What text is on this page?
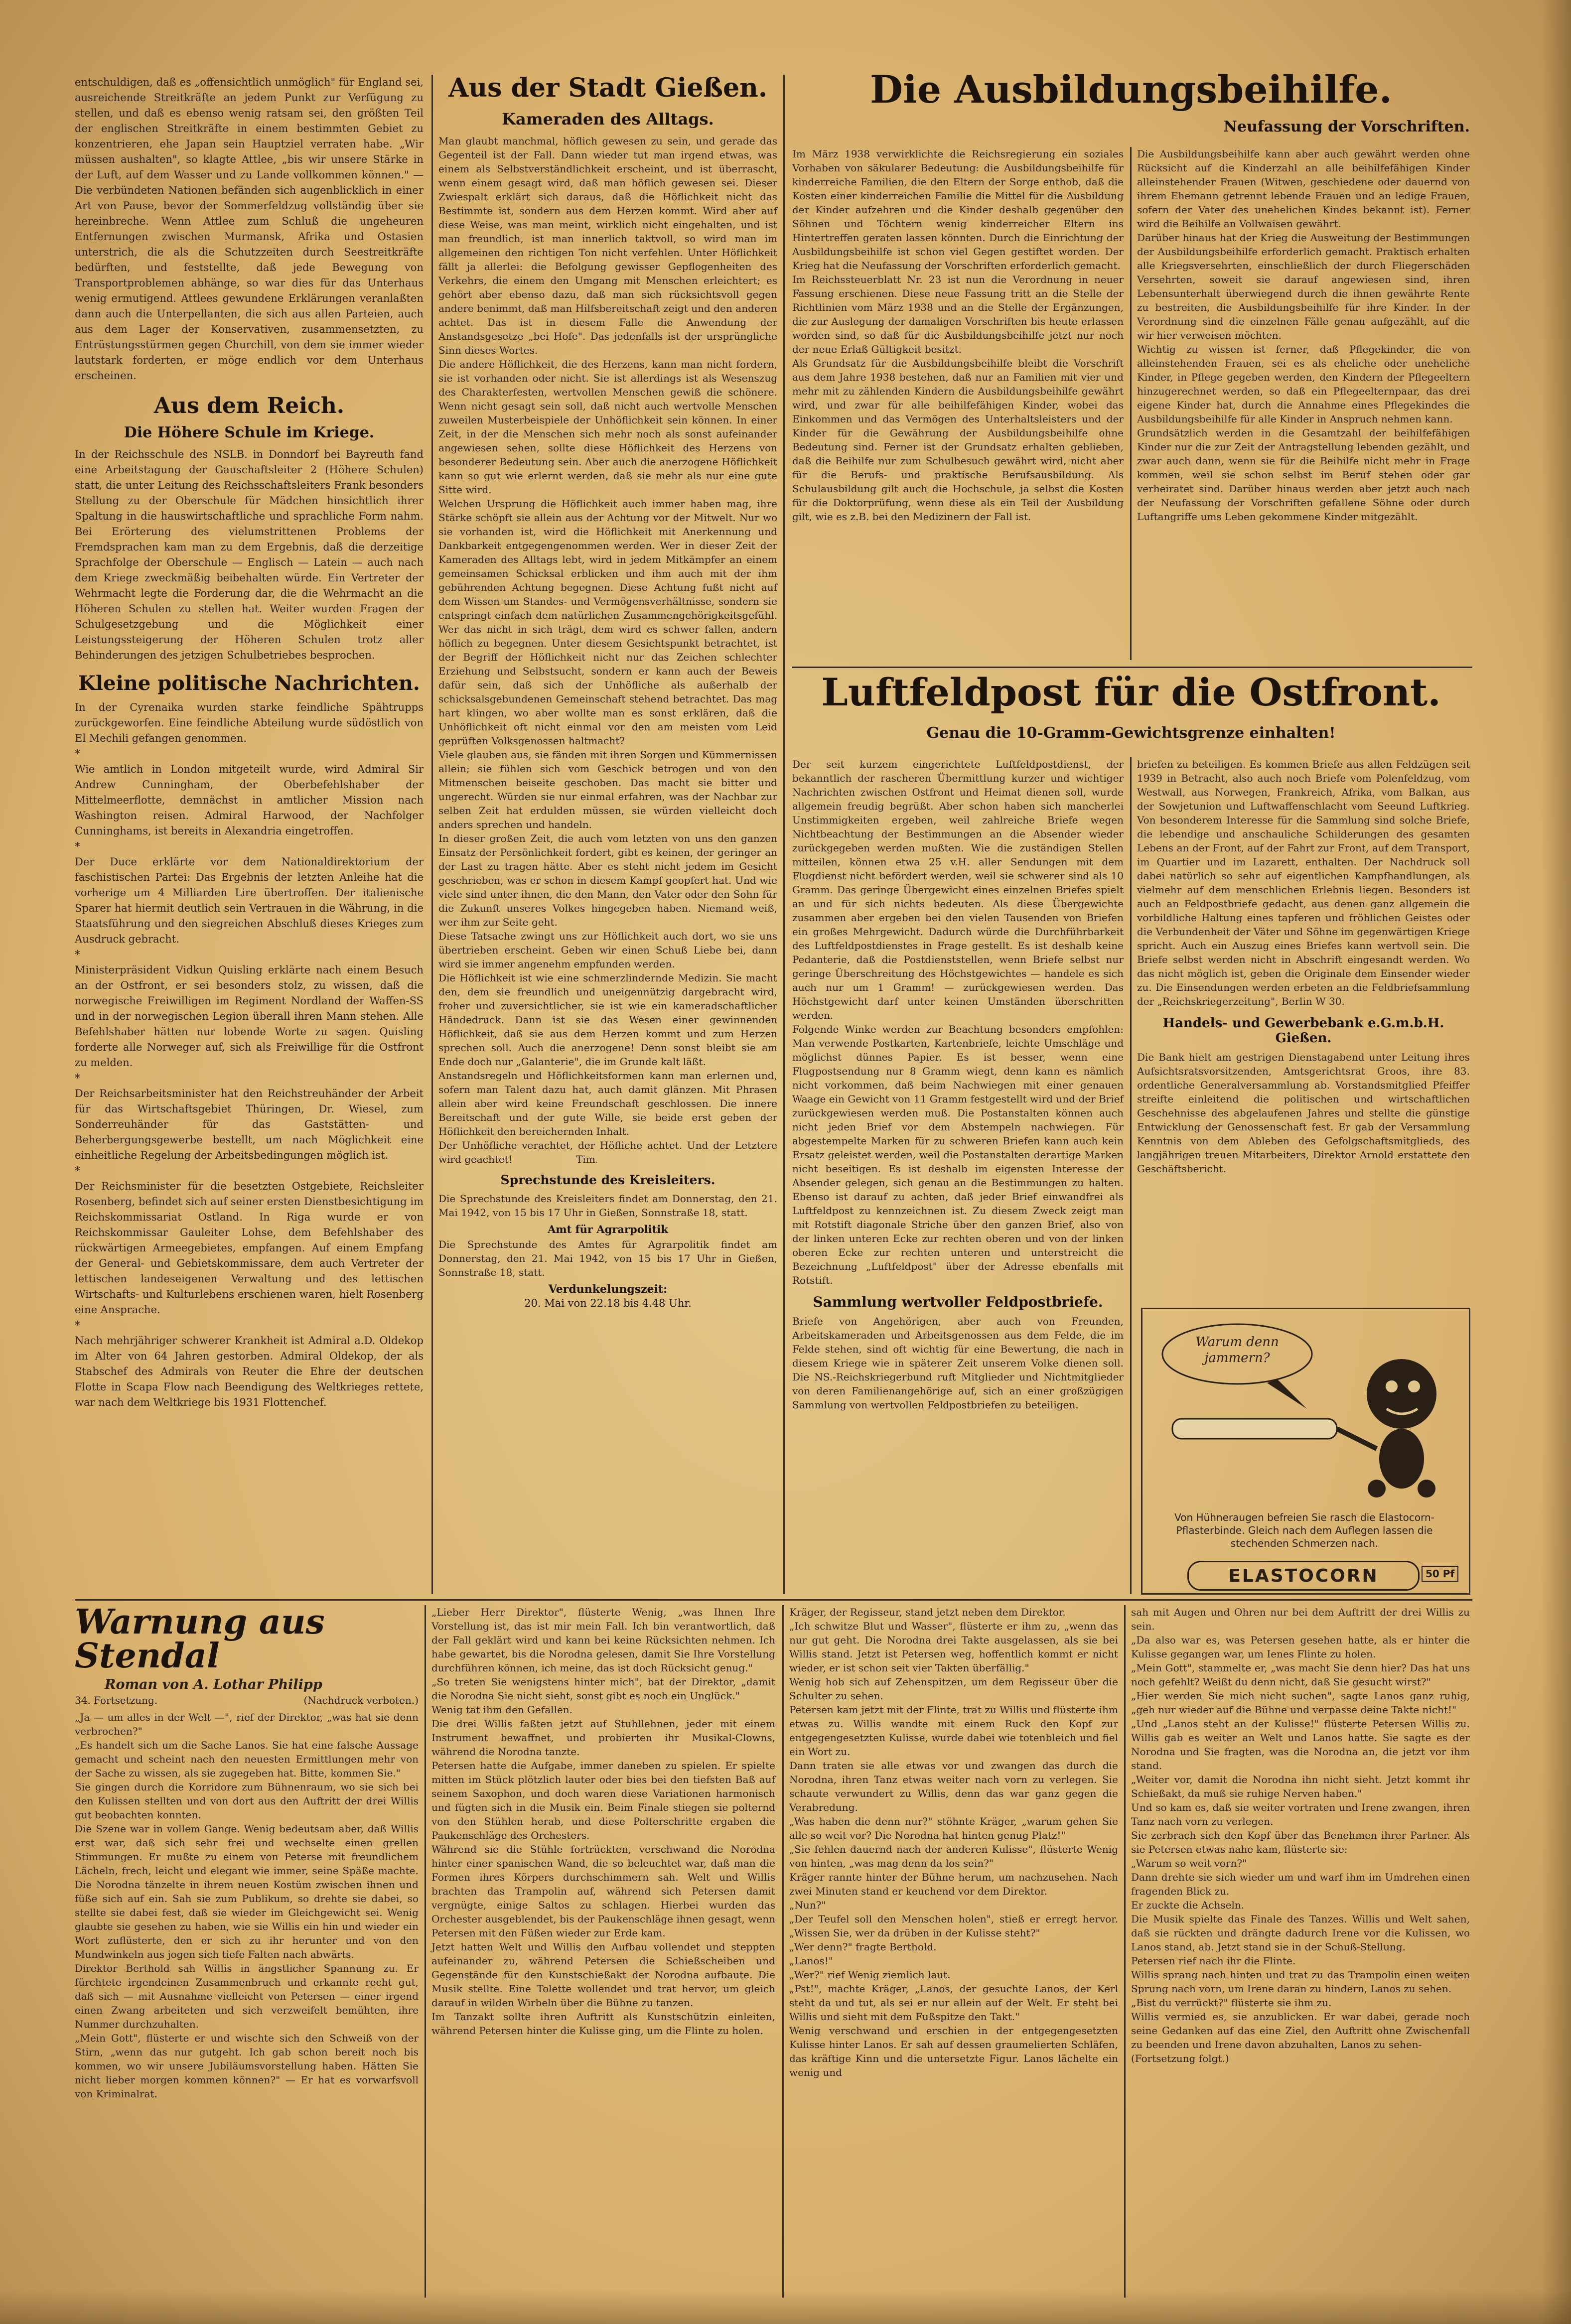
entschuldigen, daß es „offensichtlich unmöglich" für England sei, ausreichende Streitkräfte an jedem Punkt zur Verfügung zu stellen, und daß es ebenso wenig ratsam sei, den größten Teil der englischen Streitkräfte in einem bestimmten Gebiet zu konzentrieren, ehe Japan sein Hauptziel verraten habe. „Wir müssen aushalten", so klagte Attlee, „bis wir unsere Stärke in der Luft, auf dem Wasser und zu Lande vollkommen können." — Die verbündeten Nationen befänden sich augenblicklich in einer Art von Pause, bevor der Sommerfeldzug vollständig über sie hereinbreche. Wenn Attlee zum Schluß die ungeheuren Entfernungen zwischen Murmansk, Afrika und Ostasien unterstrich, die als die Schutzzeiten durch Seestreitkräfte bedürften, und feststellte, daß jede Bewegung von Transportproblemen abhänge, so war dies für das Unterhaus wenig ermutigend. Attlees gewundene Erklärungen veranlaßten dann auch die Unterpellanten, die sich aus allen Parteien, auch aus dem Lager der Konservativen, zusammensetzten, zu Entrüstungsstürmen gegen Churchill, von dem sie immer wieder lautstark forderten, er möge endlich vor dem Unterhaus erscheinen.

Aus dem Reich.

Die Höhere Schule im Kriege.

In der Reichsschule des NSLB. in Donndorf bei Bayreuth fand eine Arbeitstagung der Gauschaftsleiter 2 (Höhere Schulen) statt, die unter Leitung des Reichsschaftsleiters Frank besonders Stellung zu der Oberschule für Mädchen hinsichtlich ihrer Spaltung in die hauswirtschaftliche und sprachliche Form nahm. Bei Erörterung des vielumstrittenen Problems der Fremdsprachen kam man zu dem Ergebnis, daß die derzeitige Sprachfolge der Oberschule — Englisch — Latein — auch nach dem Kriege zweckmäßig beibehalten würde. Ein Vertreter der Wehrmacht legte die Forderung dar, die die Wehrmacht an die Höheren Schulen zu stellen hat. Weiter wurden Fragen der Schulgesetzgebung und die Möglichkeit einer Leistungssteigerung der Höheren Schulen trotz aller Behinderungen des jetzigen Schulbetriebes besprochen.

Kleine politische Nachrichten.

In der Cyrenaika wurden starke feindliche Spähtrupps zurückgeworfen. Eine feindliche Abteilung wurde südöstlich von El Mechili gefangen genommen.
*
Wie amtlich in London mitgeteilt wurde, wird Admiral Sir Andrew Cunningham, der Oberbefehlshaber der Mittelmeerflotte, demnächst in amtlicher Mission nach Washington reisen. Admiral Harwood, der Nachfolger Cunninghams, ist bereits in Alexandria eingetroffen.
*
Der Duce erklärte vor dem Nationaldirektorium der faschistischen Partei: Das Ergebnis der letzten Anleihe hat die vorherige um 4 Milliarden Lire übertroffen. Der italienische Sparer hat hiermit deutlich sein Vertrauen in die Währung, in die Staatsführung und den siegreichen Abschluß dieses Krieges zum Ausdruck gebracht.
*
Ministerpräsident Vidkun Quisling erklärte nach einem Besuch an der Ostfront, er sei besonders stolz, zu wissen, daß die norwegische Freiwilligen im Regiment Nordland der Waffen-SS und in der norwegischen Legion überall ihren Mann stehen. Alle Befehlshaber hätten nur lobende Worte zu sagen. Quisling forderte alle Norweger auf, sich als Freiwillige für die Ostfront zu melden.
*
Der Reichsarbeitsminister hat den Reichstreuhänder der Arbeit für das Wirtschaftsgebiet Thüringen, Dr. Wiesel, zum Sonderreuhänder für das Gaststätten- und Beherbergungsgewerbe bestellt, um nach Möglichkeit eine einheitliche Regelung der Arbeitsbedingungen möglich ist.
*
Der Reichsminister für die besetzten Ostgebiete, Reichsleiter Rosenberg, befindet sich auf seiner ersten Dienstbesichtigung im Reichskommissariat Ostland. In Riga wurde er von Reichskommissar Gauleiter Lohse, dem Befehlshaber des rückwärtigen Armeegebietes, empfangen. Auf einem Empfang der General- und Gebietskommissare, dem auch Vertreter der lettischen landeseigenen Verwaltung und des lettischen Wirtschafts- und Kulturlebens erschienen waren, hielt Rosenberg eine Ansprache.
*
Nach mehrjähriger schwerer Krankheit ist Admiral a.D. Oldekop im Alter von 64 Jahren gestorben. Admiral Oldekop, der als Stabschef des Admirals von Reuter die Ehre der deutschen Flotte in Scapa Flow nach Beendigung des Weltkrieges rettete, war nach dem Weltkriege bis 1931 Flottenchef.

Aus der Stadt Gießen.

Kameraden des Alltags.

Man glaubt manchmal, höflich gewesen zu sein, und gerade das Gegenteil ist der Fall. Dann wieder tut man irgend etwas, was einem als Selbstverständlichkeit erscheint, und ist überrascht, wenn einem gesagt wird, daß man höflich gewesen sei. Dieser Zwiespalt erklärt sich daraus, daß die Höflichkeit nicht das Bestimmte ist, sondern aus dem Herzen kommt. Wird aber auf diese Weise, was man meint, wirklich nicht eingehalten, und ist man freundlich, ist man innerlich taktvoll, so wird man im allgemeinen den richtigen Ton nicht verfehlen. Unter Höflichkeit fällt ja allerlei: die Befolgung gewisser Gepflogenheiten des Verkehrs, die einem den Umgang mit Menschen erleichtert; es gehört aber ebenso dazu, daß man sich rücksichtsvoll gegen andere benimmt, daß man Hilfsbereitschaft zeigt und den anderen achtet. Das ist in diesem Falle die Anwendung der Anstandsgesetze „bei Hofe". Das jedenfalls ist der ursprüngliche Sinn dieses Wortes.
Die andere Höflichkeit, die des Herzens, kann man nicht fordern, sie ist vorhanden oder nicht. Sie ist allerdings ist als Wesenszug des Charakterfesten, wertvollen Menschen gewiß die schönere. Wenn nicht gesagt sein soll, daß nicht auch wertvolle Menschen zuweilen Musterbeispiele der Unhöflichkeit sein können. In einer Zeit, in der die Menschen sich mehr noch als sonst aufeinander angewiesen sehen, sollte diese Höflichkeit des Herzens von besonderer Bedeutung sein. Aber auch die anerzogene Höflichkeit kann so gut wie erlernt werden, daß sie mehr als nur eine gute Sitte wird.
Welchen Ursprung die Höflichkeit auch immer haben mag, ihre Stärke schöpft sie allein aus der Achtung vor der Mitwelt. Nur wo sie vorhanden ist, wird die Höflichkeit mit Anerkennung und Dankbarkeit entgegengenommen werden. Wer in dieser Zeit der Kameraden des Alltags lebt, wird in jedem Mitkämpfer an einem gemeinsamen Schicksal erblicken und ihm auch mit der ihm gebührenden Achtung begegnen. Diese Achtung fußt nicht auf dem Wissen um Standes- und Vermögensverhältnisse, sondern sie entspringt einfach dem natürlichen Zusammengehörigkeitsgefühl. Wer das nicht in sich trägt, dem wird es schwer fallen, andern höflich zu begegnen. Unter diesem Gesichtspunkt betrachtet, ist der Begriff der Höflichkeit nicht nur das Zeichen schlechter Erziehung und Selbstsucht, sondern er kann auch der Beweis dafür sein, daß sich der Unhöfliche als außerhalb der schicksalsgebundenen Gemeinschaft stehend betrachtet. Das mag hart klingen, wo aber wollte man es sonst erklären, daß die Unhöflichkeit oft nicht einmal vor den am meisten vom Leid geprüften Volksgenossen haltmacht?
Viele glauben aus, sie fänden mit ihren Sorgen und Kümmernissen allein; sie fühlen sich vom Geschick betrogen und von den Mitmenschen beiseite geschoben. Das macht sie bitter und ungerecht. Würden sie nur einmal erfahren, was der Nachbar zur selben Zeit hat erdulden müssen, sie würden vielleicht doch anders sprechen und handeln.
In dieser großen Zeit, die auch vom letzten von uns den ganzen Einsatz der Persönlichkeit fordert, gibt es keinen, der geringer an der Last zu tragen hätte. Aber es steht nicht jedem im Gesicht geschrieben, was er schon in diesem Kampf geopfert hat. Und wie viele sind unter ihnen, die den Mann, den Vater oder den Sohn für die Zukunft unseres Volkes hingegeben haben. Niemand weiß, wer ihm zur Seite geht.
Diese Tatsache zwingt uns zur Höflichkeit auch dort, wo sie uns übertrieben erscheint. Geben wir einen Schuß Liebe bei, dann wird sie immer angenehm empfunden werden.
Die Höflichkeit ist wie eine schmerzlindernde Medizin. Sie macht den, dem sie freundlich und uneigennützig dargebracht wird, froher und zuversichtlicher, sie ist wie ein kameradschaftlicher Händedruck. Dann ist sie das Wesen einer gewinnenden Höflichkeit, daß sie aus dem Herzen kommt und zum Herzen sprechen soll. Auch die anerzogene! Denn sonst bleibt sie am Ende doch nur „Galanterie", die im Grunde kalt läßt.
Anstandsregeln und Höflichkeitsformen kann man erlernen und, sofern man Talent dazu hat, auch damit glänzen. Mit Phrasen allein aber wird keine Freundschaft geschlossen. Die innere Bereitschaft und der gute Wille, sie beide erst geben der Höflichkeit den bereichernden Inhalt.
Der Unhöfliche verachtet, der Höfliche achtet. Und der Letztere wird geachtet!                    Tim.

Sprechstunde des Kreisleiters.

Die Sprechstunde des Kreisleiters findet am Donnerstag, den 21. Mai 1942, von 15 bis 17 Uhr in Gießen, Sonnstraße 18, statt.

Amt für Agrarpolitik

Die Sprechstunde des Amtes für Agrarpolitik findet am Donnerstag, den 21. Mai 1942, von 15 bis 17 Uhr in Gießen, Sonnstraße 18, statt.

Verdunkelungszeit:

20. Mai von 22.18 bis 4.48 Uhr.

Die Ausbildungsbeihilfe.

Neufassung der Vorschriften.

Im März 1938 verwirklichte die Reichsregierung ein soziales Vorhaben von säkularer Bedeutung: die Ausbildungsbeihilfe für kinderreiche Familien, die den Eltern der Sorge enthob, daß die Kosten einer kinderreichen Familie die Mittel für die Ausbildung der Kinder aufzehren und die Kinder deshalb gegenüber den Söhnen und Töchtern wenig kinderreicher Eltern ins Hintertreffen geraten lassen könnten. Durch die Einrichtung der Ausbildungsbeihilfe ist schon viel Gegen gestiftet worden. Der Krieg hat die Neufassung der Vorschriften erforderlich gemacht.
Im Reichssteuerblatt Nr. 23 ist nun die Verordnung in neuer Fassung erschienen. Diese neue Fassung tritt an die Stelle der Richtlinien vom März 1938 und an die Stelle der Ergänzungen, die zur Auslegung der damaligen Vorschriften bis heute erlassen worden sind, so daß für die Ausbildungsbeihilfe jetzt nur noch der neue Erlaß Gültigkeit besitzt.
Als Grundsatz für die Ausbildungsbeihilfe bleibt die Vorschrift aus dem Jahre 1938 bestehen, daß nur an Familien mit vier und mehr mit zu zählenden Kindern die Ausbildungsbeihilfe gewährt wird, und zwar für alle beihilfefähigen Kinder, wobei das Einkommen und das Vermögen des Unterhaltsleisters und der Kinder für die Gewährung der Ausbildungsbeihilfe ohne Bedeutung sind. Ferner ist der Grundsatz erhalten geblieben, daß die Beihilfe nur zum Schulbesuch gewährt wird, nicht aber für die Berufs- und praktische Berufsausbildung. Als Schulausbildung gilt auch die Hochschule, ja selbst die Kosten für die Doktorprüfung, wenn diese als ein Teil der Ausbildung gilt, wie es z.B. bei den Medizinern der Fall ist.

Die Ausbildungsbeihilfe kann aber auch gewährt werden ohne Rücksicht auf die Kinderzahl an alle beihilfefähigen Kinder alleinstehender Frauen (Witwen, geschiedene oder dauernd von ihrem Ehemann getrennt lebende Frauen und an ledige Frauen, sofern der Vater des unehelichen Kindes bekannt ist). Ferner wird die Beihilfe an Vollwaisen gewährt.
Darüber hinaus hat der Krieg die Ausweitung der Bestimmungen der Ausbildungsbeihilfe erforderlich gemacht. Praktisch erhalten alle Kriegsversehrten, einschließlich der durch Fliegerschäden Versehrten, soweit sie darauf angewiesen sind, ihren Lebensunterhalt überwiegend durch die ihnen gewährte Rente zu bestreiten, die Ausbildungsbeihilfe für ihre Kinder. In der Verordnung sind die einzelnen Fälle genau aufgezählt, auf die wir hier verweisen möchten.
Wichtig zu wissen ist ferner, daß Pflegekinder, die von alleinstehenden Frauen, sei es als eheliche oder uneheliche Kinder, in Pflege gegeben werden, den Kindern der Pflegeeltern hinzugerechnet werden, so daß ein Pflegeelternpaar, das drei eigene Kinder hat, durch die Annahme eines Pflegekindes die Ausbildungsbeihilfe für alle Kinder in Anspruch nehmen kann.
Grundsätzlich werden in die Gesamtzahl der beihilfefähigen Kinder nur die zur Zeit der Antragstellung lebenden gezählt, und zwar auch dann, wenn sie für die Beihilfe nicht mehr in Frage kommen, weil sie schon selbst im Beruf stehen oder gar verheiratet sind. Darüber hinaus werden aber jetzt auch nach der Neufassung der Vorschriften gefallene Söhne oder durch Luftangriffe ums Leben gekommene Kinder mitgezählt.

Luftfeldpost für die Ostfront.

Genau die 10-Gramm-Gewichtsgrenze einhalten!

Der seit kurzem eingerichtete Luftfeldpostdienst, der bekanntlich der rascheren Übermittlung kurzer und wichtiger Nachrichten zwischen Ostfront und Heimat dienen soll, wurde allgemein freudig begrüßt. Aber schon haben sich mancherlei Unstimmigkeiten ergeben, weil zahlreiche Briefe wegen Nichtbeachtung der Bestimmungen an die Absender wieder zurückgegeben werden mußten. Wie die zuständigen Stellen mitteilen, können etwa 25 v.H. aller Sendungen mit dem Flugdienst nicht befördert werden, weil sie schwerer sind als 10 Gramm. Das geringe Übergewicht eines einzelnen Briefes spielt an und für sich nichts bedeuten. Als diese Übergewichte zusammen aber ergeben bei den vielen Tausenden von Briefen ein großes Mehrgewicht. Dadurch würde die Durchführbarkeit des Luftfeldpostdienstes in Frage gestellt. Es ist deshalb keine Pedanterie, daß die Postdienststellen, wenn Briefe selbst nur geringe Überschreitung des Höchstgewichtes — handele es sich auch nur um 1 Gramm! — zurückgewiesen werden. Das Höchstgewicht darf unter keinen Umständen überschritten werden.
Folgende Winke werden zur Beachtung besonders empfohlen: Man verwende Postkarten, Kartenbriefe, leichte Umschläge und möglichst dünnes Papier. Es ist besser, wenn eine Flugpostsendung nur 8 Gramm wiegt, denn kann es nämlich nicht vorkommen, daß beim Nachwiegen mit einer genauen Waage ein Gewicht von 11 Gramm festgestellt wird und der Brief zurückgewiesen werden muß. Die Postanstalten können auch nicht jeden Brief vor dem Abstempeln nachwiegen. Für abgestempelte Marken für zu schweren Briefen kann auch kein Ersatz geleistet werden, weil die Postanstalten derartige Marken nicht beseitigen. Es ist deshalb im eigensten Interesse der Absender gelegen, sich genau an die Bestimmungen zu halten. Ebenso ist darauf zu achten, daß jeder Brief einwandfrei als Luftfeldpost zu kennzeichnen ist. Zu diesem Zweck zeigt man mit Rotstift diagonale Striche über den ganzen Brief, also von der linken unteren Ecke zur rechten oberen und von der linken oberen Ecke zur rechten unteren und unterstreicht die Bezeichnung „Luftfeldpost" über der Adresse ebenfalls mit Rotstift.

Sammlung wertvoller Feldpostbriefe.

Briefe von Angehörigen, aber auch von Freunden, Arbeitskameraden und Arbeitsgenossen aus dem Felde, die im Felde stehen, sind oft wichtig für eine Bewertung, die nach in diesem Kriege wie in späterer Zeit unserem Volke dienen soll. Die NS.-Reichskriegerbund ruft Mitglieder und Nichtmitglieder von deren Familienangehörige auf, sich an einer großzügigen Sammlung von wertvollen Feldpostbriefen zu beteiligen.

briefen zu beteiligen. Es kommen Briefe aus allen Feldzügen seit 1939 in Betracht, also auch noch Briefe vom Polenfeldzug, vom Westwall, aus Norwegen, Frankreich, Afrika, vom Balkan, aus der Sowjetunion und Luftwaffenschlacht vom Seeund Luftkrieg. Von besonderem Interesse für die Sammlung sind solche Briefe, die lebendige und anschauliche Schilderungen des gesamten Lebens an der Front, auf der Fahrt zur Front, auf dem Transport, im Quartier und im Lazarett, enthalten. Der Nachdruck soll dabei natürlich so sehr auf eigentlichen Kampfhandlungen, als vielmehr auf dem menschlichen Erlebnis liegen. Besonders ist auch an Feldpostbriefe gedacht, aus denen ganz allgemein die vorbildliche Haltung eines tapferen und fröhlichen Geistes oder die Verbundenheit der Väter und Söhne im gegenwärtigen Kriege spricht. Auch ein Auszug eines Briefes kann wertvoll sein. Die Briefe selbst werden nicht in Abschrift eingesandt werden. Wo das nicht möglich ist, geben die Originale dem Einsender wieder zu. Die Einsendungen werden erbeten an die Feldbriefsammlung der „Reichskriegerzeitung", Berlin W 30.

Handels- und Gewerbebank e.G.m.b.H. Gießen.

Die Bank hielt am gestrigen Dienstagabend unter Leitung ihres Aufsichtsratsvorsitzenden, Amtsgerichtsrat Groos, ihre 83. ordentliche Generalversammlung ab. Vorstandsmitglied Pfeiffer streifte einleitend die politischen und wirtschaftlichen Geschehnisse des abgelaufenen Jahres und stellte die günstige Entwicklung der Genossenschaft fest. Er gab der Versammlung Kenntnis von dem Ableben des Gefolgschaftsmitglieds, des langjährigen treuen Mitarbeiters, Direktor Arnold erstattete den Geschäftsbericht.

Warum denn jammern?

Von Hühneraugen befreien Sie rasch die Elastocorn-Pflasterbinde. Gleich nach dem Auflegen lassen die stechenden Schmerzen nach.

ELASTOCORN	50 Pf

Warnung aus Stendal

Roman von A. Lothar Philipp

34. Fortsetzung.	(Nachdruck verboten.)

„Ja — um alles in der Welt —", rief der Direktor, „was hat sie denn verbrochen?"
„Es handelt sich um die Sache Lanos. Sie hat eine falsche Aussage gemacht und scheint nach den neuesten Ermittlungen mehr von der Sache zu wissen, als sie zugegeben hat. Bitte, kommen Sie."
Sie gingen durch die Korridore zum Bühnenraum, wo sie sich bei den Kulissen stellten und von dort aus den Auftritt der drei Willis gut beobachten konnten.
Die Szene war in vollem Gange. Wenig bedeutsam aber, daß Willis erst war, daß sich sehr frei und wechselte einen grellen Stimmungen. Er mußte zu einem von Peterse mit freundlichem Lächeln, frech, leicht und elegant wie immer, seine Späße machte. Die Norodna tänzelte in ihrem neuen Kostüm zwischen ihnen und füße sich auf ein. Sah sie zum Publikum, so drehte sie dabei, so stellte sie dabei fest, daß sie wieder im Gleichgewicht sei. Wenig glaubte sie gesehen zu haben, wie sie Willis ein hin und wieder ein Wort zuflüsterte, den er sich zu ihr herunter und von den Mundwinkeln aus jogen sich tiefe Falten nach abwärts.
Direktor Berthold sah Willis in ängstlicher Spannung zu. Er fürchtete irgendeinen Zusammenbruch und erkannte recht gut, daß sich — mit Ausnahme vielleicht von Petersen — einer irgend einen Zwang arbeiteten und sich verzweifelt bemühten, ihre Nummer durchzuhalten.
„Mein Gott", flüsterte er und wischte sich den Schweiß von der Stirn, „wenn das nur gutgeht. Ich gab schon bereit noch bis kommen, wo wir unsere Jubiläumsvorstellung haben. Hätten Sie nicht lieber morgen kommen können?" — Er hat es vorwarfsvoll von Kriminalrat.

„Lieber Herr Direktor", flüsterte Wenig, „was Ihnen Ihre Vorstellung ist, das ist mir mein Fall. Ich bin verantwortlich, daß der Fall geklärt wird und kann bei keine Rücksichten nehmen. Ich habe gewartet, bis die Norodna gelesen, damit Sie Ihre Vorstellung durchführen können, ich meine, das ist doch Rücksicht genug."
„So treten Sie wenigstens hinter mich", bat der Direktor, „damit die Norodna Sie nicht sieht, sonst gibt es noch ein Unglück."
Wenig tat ihm den Gefallen.
Die drei Willis faßten jetzt auf Stuhllehnen, jeder mit einem Instrument bewaffnet, und probierten ihr Musikal-Clowns, während die Norodna tanzte.
Petersen hatte die Aufgabe, immer daneben zu spielen. Er spielte mitten im Stück plötzlich lauter oder bies bei den tiefsten Baß auf seinem Saxophon, und doch waren diese Variationen harmonisch und fügten sich in die Musik ein. Beim Finale stiegen sie polternd von den Stühlen herab, und diese Polterschritte ergaben die Paukenschläge des Orchesters.
Während sie die Stühle fortrückten, verschwand die Norodna hinter einer spanischen Wand, die so beleuchtet war, daß man die Formen ihres Körpers durchschimmern sah. Welt und Willis brachten das Trampolin auf, während sich Petersen damit vergnügte, einige Saltos zu schlagen. Hierbei wurden das Orchester ausgeblendet, bis der Paukenschläge ihnen gesagt, wenn Petersen mit den Füßen wieder zur Erde kam.
Jetzt hatten Welt und Willis den Aufbau vollendet und steppten aufeinander zu, während Petersen die Schießscheiben und Gegenstände für den Kunstschießakt der Norodna aufbaute. Die Musik stellte. Eine Tolette wollendet und trat hervor, um gleich darauf in wilden Wirbeln über die Bühne zu tanzen.
Im Tanzakt sollte ihren Auftritt als Kunstschützin einleiten, während Petersen hinter die Kulisse ging, um die Flinte zu holen.

Kräger, der Regisseur, stand jetzt neben dem Direktor.
„Ich schwitze Blut und Wasser", flüsterte er ihm zu, „wenn das nur gut geht. Die Norodna drei Takte ausgelassen, als sie bei Willis stand. Jetzt ist Petersen weg, hoffentlich kommt er nicht wieder, er ist schon seit vier Takten überfällig."
Wenig hob sich auf Zehenspitzen, um dem Regisseur über die Schulter zu sehen.
Petersen kam jetzt mit der Flinte, trat zu Willis und flüsterte ihm etwas zu. Willis wandte mit einem Ruck den Kopf zur entgegengesetzten Kulisse, wurde dabei wie totenbleich und fiel ein Wort zu.
Dann traten sie alle etwas vor und zwangen das durch die Norodna, ihren Tanz etwas weiter nach vorn zu verlegen. Sie schaute verwundert zu Willis, denn das war ganz gegen die Verabredung.
„Was haben die denn nur?" stöhnte Kräger, „warum gehen Sie alle so weit vor? Die Norodna hat hinten genug Platz!"
„Sie fehlen dauernd nach der anderen Kulisse", flüsterte Wenig von hinten, „was mag denn da los sein?"
Kräger rannte hinter der Bühne herum, um nachzusehen. Nach zwei Minuten stand er keuchend vor dem Direktor.
„Nun?"
„Der Teufel soll den Menschen holen", stieß er erregt hervor. „Wissen Sie, wer da drüben in der Kulisse steht?"
„Wer denn?" fragte Berthold.
„Lanos!"
„Wer?" rief Wenig ziemlich laut.
„Pst!", machte Kräger, „Lanos, der gesuchte Lanos, der Kerl steht da und tut, als sei er nur allein auf der Welt. Er steht bei Willis und sieht mit dem Fußspitze den Takt."
Wenig verschwand und erschien in der entgegengesetzten Kulisse hinter Lanos. Er sah auf dessen graumelierten Schläfen, das kräftige Kinn und die untersetzte Figur. Lanos lächelte ein wenig und

sah mit Augen und Ohren nur bei dem Auftritt der drei Willis zu sein.
„Da also war es, was Petersen gesehen hatte, als er hinter die Kulisse gegangen war, um Ienes Flinte zu holen.
„Mein Gott", stammelte er, „was macht Sie denn hier? Das hat uns noch gefehlt? Weißt du denn nicht, daß Sie gesucht wirst?"
„Hier werden Sie mich nicht suchen", sagte Lanos ganz ruhig, „geh nur wieder auf die Bühne und verpasse deine Takte nicht!"
„Und „Lanos steht an der Kulisse!" flüsterte Petersen Willis zu. Willis gab es weiter an Welt und Lanos hatte. Sie sagte es der Norodna und Sie fragten, was die Norodna an, die jetzt vor ihm stand.
„Weiter vor, damit die Norodna ihn nicht sieht. Jetzt kommt ihr Schießakt, da muß sie ruhige Nerven haben."
Und so kam es, daß sie weiter vortraten und Irene zwangen, ihren Tanz nach vorn zu verlegen.
Sie zerbrach sich den Kopf über das Benehmen ihrer Partner. Als sie Petersen etwas nahe kam, flüsterte sie:
„Warum so weit vorn?"
Dann drehte sie sich wieder um und warf ihm im Umdrehen einen fragenden Blick zu.
Er zuckte die Achseln.
Die Musik spielte das Finale des Tanzes. Willis und Welt sahen, daß sie rückten und drängte dadurch Irene vor die Kulissen, wo Lanos stand, ab. Jetzt stand sie in der Schuß-Stellung.
Petersen rief nach ihr die Flinte.
Willis sprang nach hinten und trat zu das Trampolin einen weiten Sprung nach vorn, um Irene daran zu hindern, Lanos zu sehen.
„Bist du verrückt?" flüsterte sie ihm zu.
Willis vermied es, sie anzublicken. Er war dabei, gerade noch seine Gedanken auf das eine Ziel, den Auftritt ohne Zwischenfall zu beenden und Irene davon abzuhalten, Lanos zu sehen-
(Fortsetzung folgt.)
